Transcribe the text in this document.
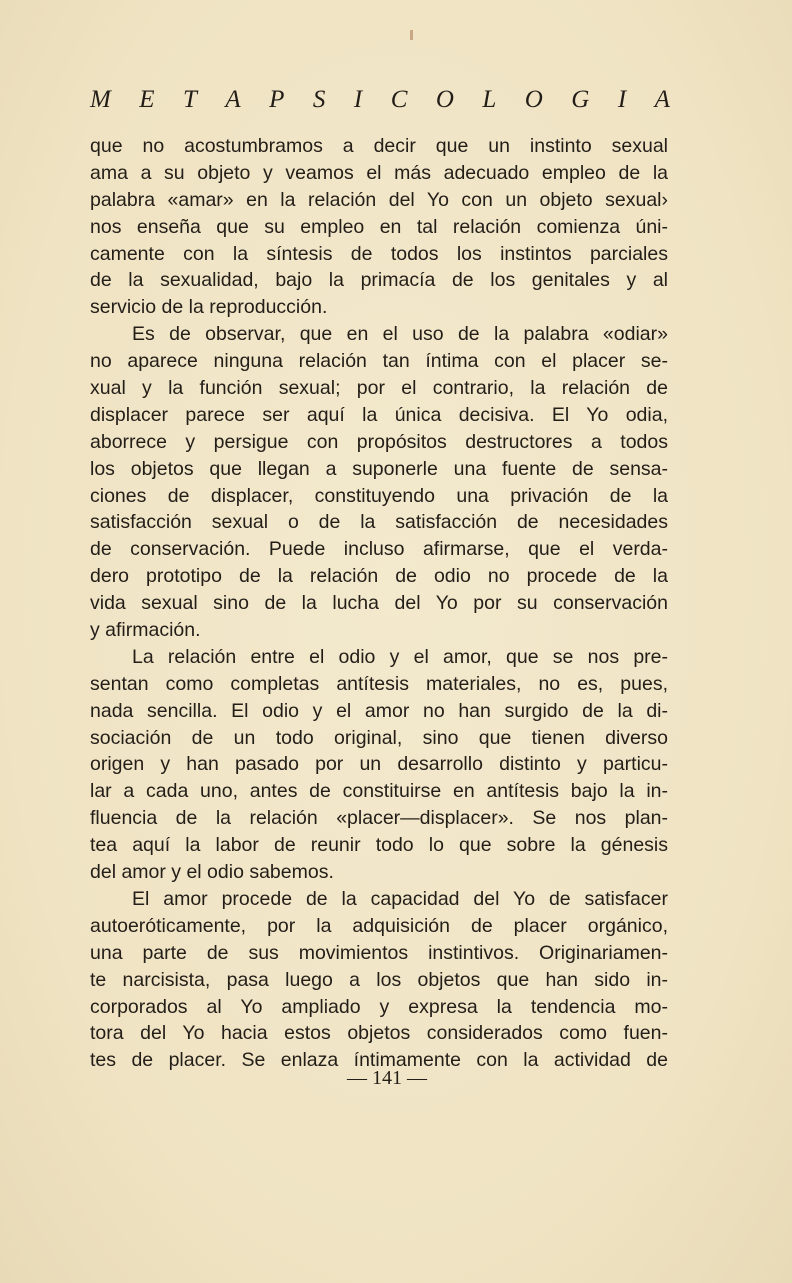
M E T A P S I C O L O G I A
que no acostumbramos a decir que un instinto sexual
ama a su objeto y veamos el más adecuado empleo de la
palabra «amar» en la relación del Yo con un objeto sexual›
nos enseña que su empleo en tal relación comienza úni-
camente con la síntesis de todos los instintos parciales
de la sexualidad, bajo la primacía de los genitales y al
servicio de la reproducción.
Es de observar, que en el uso de la palabra «odiar»
no aparece ninguna relación tan íntima con el placer se-
xual y la función sexual; por el contrario, la relación de
displacer parece ser aquí la única decisiva. El Yo odia,
aborrece y persigue con propósitos destructores a todos
los objetos que llegan a suponerle una fuente de sensa-
ciones de displacer, constituyendo una privación de la
satisfacción sexual o de la satisfacción de necesidades
de conservación. Puede incluso afirmarse, que el verda-
dero prototipo de la relación de odio no procede de la
vida sexual sino de la lucha del Yo por su conservación
y afirmación.
La relación entre el odio y el amor, que se nos pre-
sentan como completas antítesis materiales, no es, pues,
nada sencilla. El odio y el amor no han surgido de la di-
sociación de un todo original, sino que tienen diverso
origen y han pasado por un desarrollo distinto y particu-
lar a cada uno, antes de constituirse en antítesis bajo la in-
fluencia de la relación «placer—displacer». Se nos plan-
tea aquí la labor de reunir todo lo que sobre la génesis
del amor y el odio sabemos.
El amor procede de la capacidad del Yo de satisfacer
autoeróticamente, por la adquisición de placer orgánico,
una parte de sus movimientos instintivos. Originariamen-
te narcisista, pasa luego a los objetos que han sido in-
corporados al Yo ampliado y expresa la tendencia mo-
tora del Yo hacia estos objetos considerados como fuen-
tes de placer. Se enlaza íntimamente con la actividad de
— 141 —
